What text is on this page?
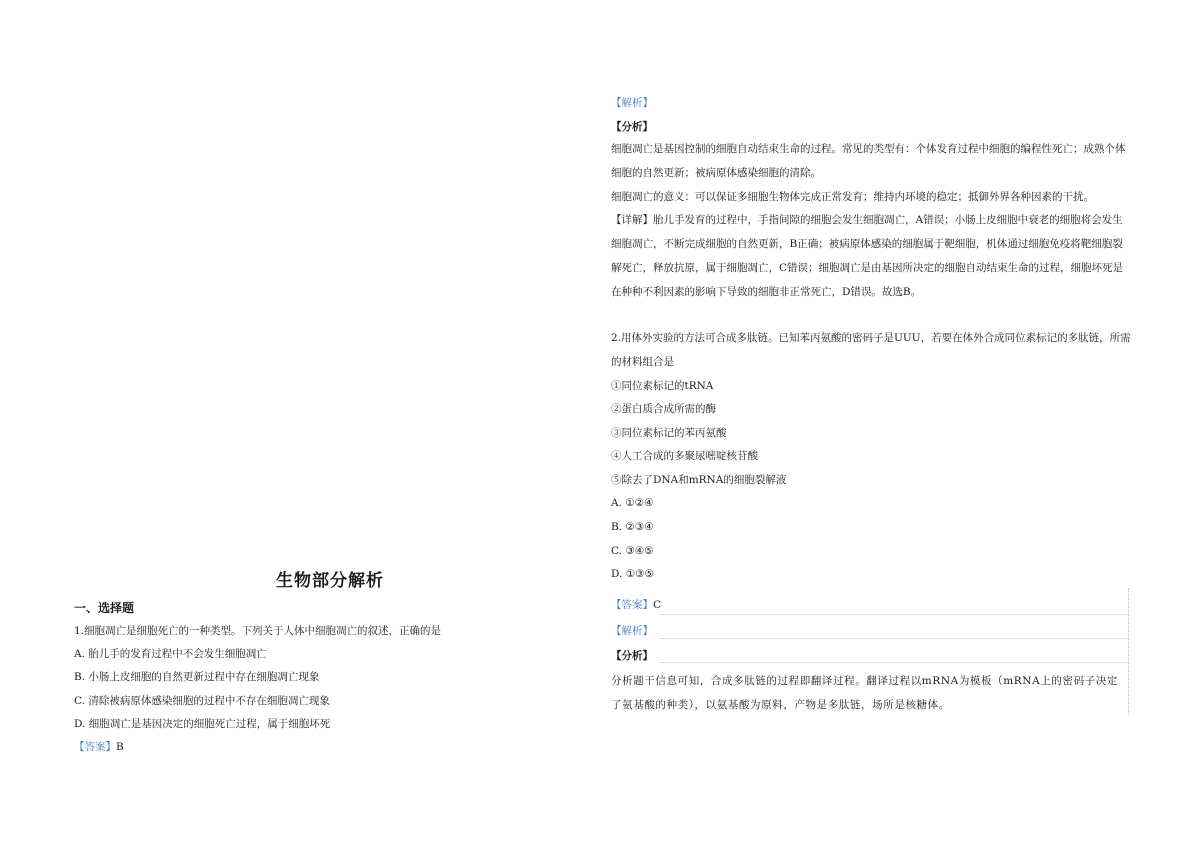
生物部分解析
一、选择题
1.细胞凋亡是细胞死亡的一种类型。下列关于人体中细胞凋亡的叙述，正确的是
A. 胎儿手的发育过程中不会发生细胞凋亡
B. 小肠上皮细胞的自然更新过程中存在细胞凋亡现象
C. 清除被病原体感染细胞的过程中不存在细胞凋亡现象
D. 细胞凋亡是基因决定的细胞死亡过程，属于细胞坏死
【答案】B
【解析】
【分析】
细胞凋亡是基因控制的细胞自动结束生命的过程。常见的类型有：个体发育过程中细胞的编程性死亡；成熟个体细胞的自然更新；被病原体感染细胞的清除。
细胞凋亡的意义：可以保证多细胞生物体完成正常发育；维持内环境的稳定；抵御外界各种因素的干扰。
【详解】胎儿手发育的过程中，手指间隙的细胞会发生细胞凋亡，A错误；小肠上皮细胞中衰老的细胞将会发生细胞凋亡，不断完成细胞的自然更新，B正确；被病原体感染的细胞属于靶细胞，机体通过细胞免疫将靶细胞裂解死亡，释放抗原，属于细胞凋亡，C错误；细胞凋亡是由基因所决定的细胞自动结束生命的过程，细胞坏死是在种种不利因素的影响下导致的细胞非正常死亡，D错误。故选B。
2.用体外实验的方法可合成多肽链。已知苯丙氨酸的密码子是UUU，若要在体外合成同位素标记的多肽链，所需的材料组合是
①同位素标记的tRNA
②蛋白质合成所需的酶
③同位素标记的苯丙氨酸
④人工合成的多聚尿嘧啶核苷酸
⑤除去了DNA和mRNA的细胞裂解液
A. ①②④
B. ②③④
C. ③④⑤
D. ①③⑤
【答案】C
【解析】
【分析】
分析题干信息可知，合成多肽链的过程即翻译过程。翻译过程以mRNA为模板（mRNA上的密码子决定了氨基酸的种类），以氨基酸为原料，产物是多肽链，场所是核糖体。
